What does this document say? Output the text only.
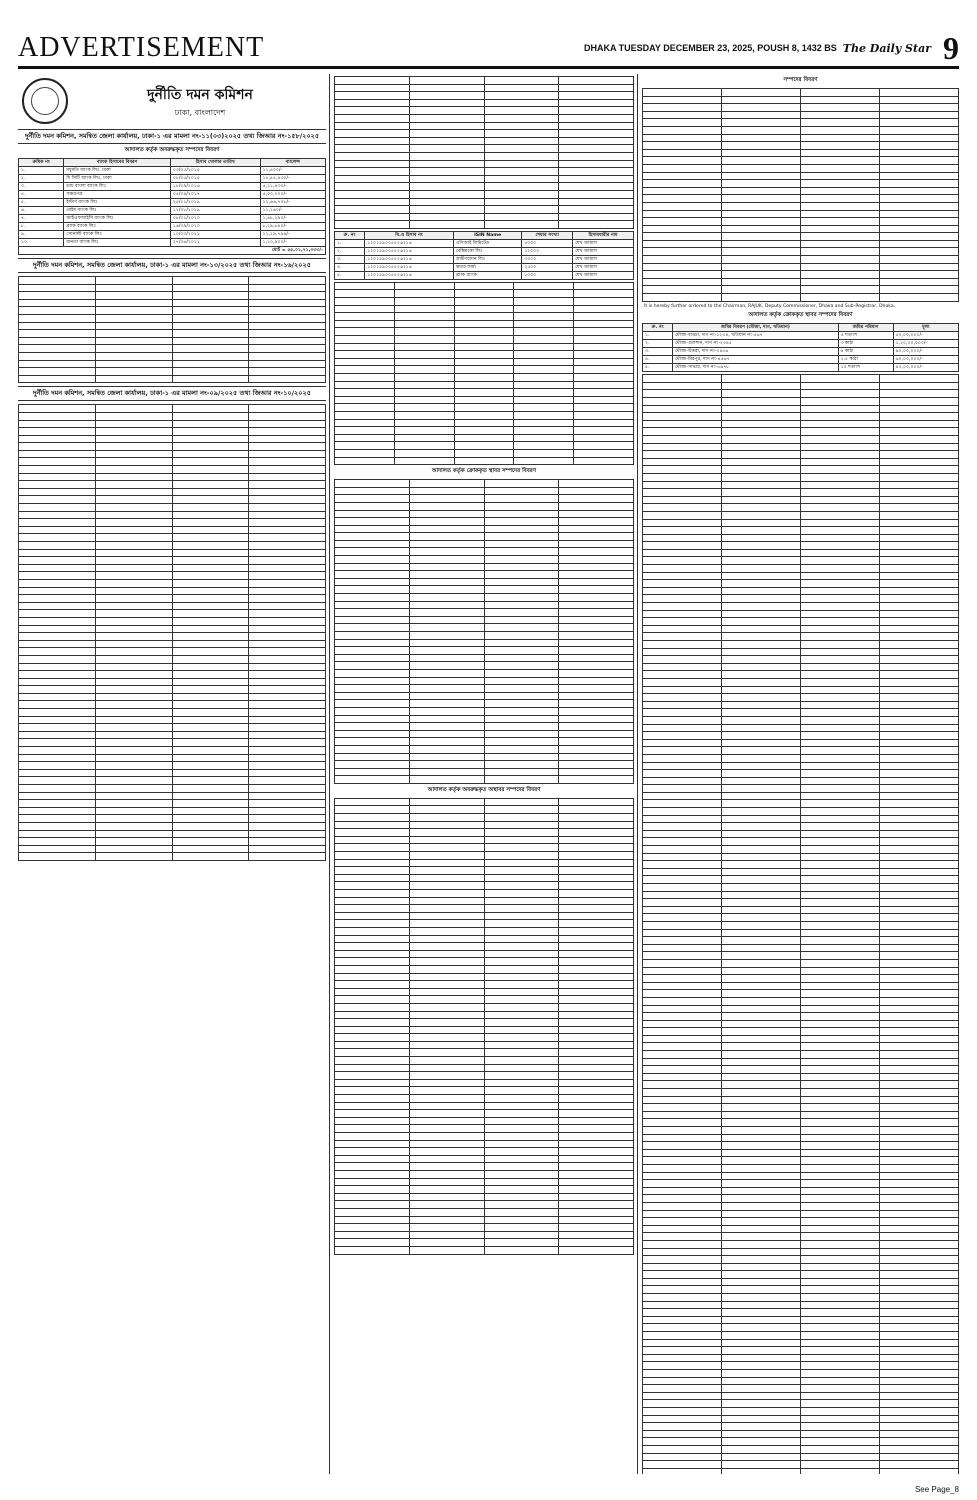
ADVERTISEMENT	DHAKA TUESDAY DECEMBER 23, 2025, POUSH 8, 1432 BS The Daily Star 9
দুর্নীতি দমন কমিশন
ঢাকা, বাংলাদেশ
দুর্নীতি দমন কমিশন, সমন্বিত জেলা কার্যালয়, ঢাকা-১ এর মামলা নং-১১(০৩)২০২৫ তথ্য জিআর নং-১৫৮/২০২৫
আদালত কর্তৃক অবরুদ্ধকৃত সম্পদের বিবরণ
ক্রমিক নং	ব্যাংক হিসাবের বিবরণ	হিসাব খোলার তারিখ	ব্যালেন্স
১.	মধুমতি ব্যাংক লিঃ, ঢাকা	০৩/০৫/২০১৫	১১,৪০০/-
২.	দি সিটি ব্যাংক লিঃ, ঢাকা	০৮/০৫/২০১৫	১৮,৫৫,৪৩০/-
৩.	ডাচ বাংলা ব্যাংক লিঃ	১৮/০৯/২০১৬	৫,১১,৪৩০/-
৪.	সঞ্চয়পত্র	০৫/০৪/২০১৭	৫,০০,০০০/-
৫.	ইস্টার্ণ ব্যাংক লিঃ	২৫/১১/২০১৯	২২,৬৬,৭০৮/-
৬.	প্রাইম ব্যাংক লিঃ	১২/০৮/২০১৯	১১,২৬০/-
৭.	আইএফআইসি ব্যাংক লিঃ	০৮/০১/২০২০	১,৪৮,২৯০/-
৮.	ব্র্যাক ব্যাংক লিঃ	১৬/০৯/২০২০	৮,২৯,৬৪০/-
৯.	সোনালী ব্যাংক লিঃ	১০/০৩/২০২১	২২,২৯,৭৯৯/-
১০.	জনতা ব্যাংক লিঃ	২৭/০৬/২০২২	১,১০,৯০০/-
মোট = ৫৫,০১,৭১,০৩৩/-			
দুর্নীতি দমন কমিশন, সমন্বিত জেলা কার্যালয়, ঢাকা-১ এর মামলা নং-১৩/২০২৫ তথ্য জিআর নং-১৬/২০২৫

দুর্নীতি দমন কমিশন, সমন্বিত জেলা কার্যালয়, ঢাকা-১ এর মামলা নং-০৯/২০২৫ তথ্য জিআর নং-১০/২০২৫

ক্র. নং	বি.ও হিসাব নং	ISIN Name	শেয়ার সংখ্যা	হিসাবধারীর নাম
১.	১২০১৫৯০০৫৫২৬২১৬	এসিআই লিমিটেড	৫০০০	শেখ জামাল
২.	১২০১৫৯০০৫৫২৬২১৬	বেক্সিমকো লিঃ	১২০০০	শেখ জামাল
৩.	১২০১৫৯০০৫৫২৬২১৬	গ্রামীণফোন লিঃ	৩০০০	শেখ জামাল
৪.	১২০১৫৯০০৫৫২৬২১৬	স্কয়ার ফার্মা	২৫০০	শেখ জামাল
৫.	১২০১৫৯০০৫৫২৬২১৬	ব্র্যাক ব্যাংক	৮০০০	শেখ জামাল

আদালত কর্তৃক ক্রোককৃত স্থাবর সম্পদের বিবরণ

আদালত কর্তৃক অবরুদ্ধকৃত অস্থাবর সম্পদের বিবরণ

সম্পদের বিবরণ

It is hereby further ordered to the Chairman, RAJUK, Deputy Commissioner, Dhaka and Sub-Registrar, Dhaka.
আদালত কর্তৃক ক্রোককৃত স্থাবর সম্পদের বিবরণ
ক্র. নং	জমির বিবরণ (মৌজা, দাগ, খতিয়ান)	জমির পরিমাণ	মূল্য
১.	মৌজা-বাড্ডা, দাগ নং-১২৩৪, খতিয়ান নং-৫৬৭	৫ শতাংশ	৫০,০০,০০০/-
২.	মৌজা-গুলশান, দাগ নং-২৩৪৫	৩ কাঠা	১,২০,০০,০০০/-
৩.	মৌজা-উত্তরা, দাগ নং-৩৪৫৬	৪ কাঠা	৯০,০০,০০০/-
৪.	মৌজা-মিরপুর, দাগ নং-৪৫৬৭	২.৫ কাঠা	৬০,০০,০০০/-
৫.	মৌজা-সাভার, দাগ নং-৫৬৭৮	১০ শতাংশ	৪০,০০,০০০/-

See Page_8
